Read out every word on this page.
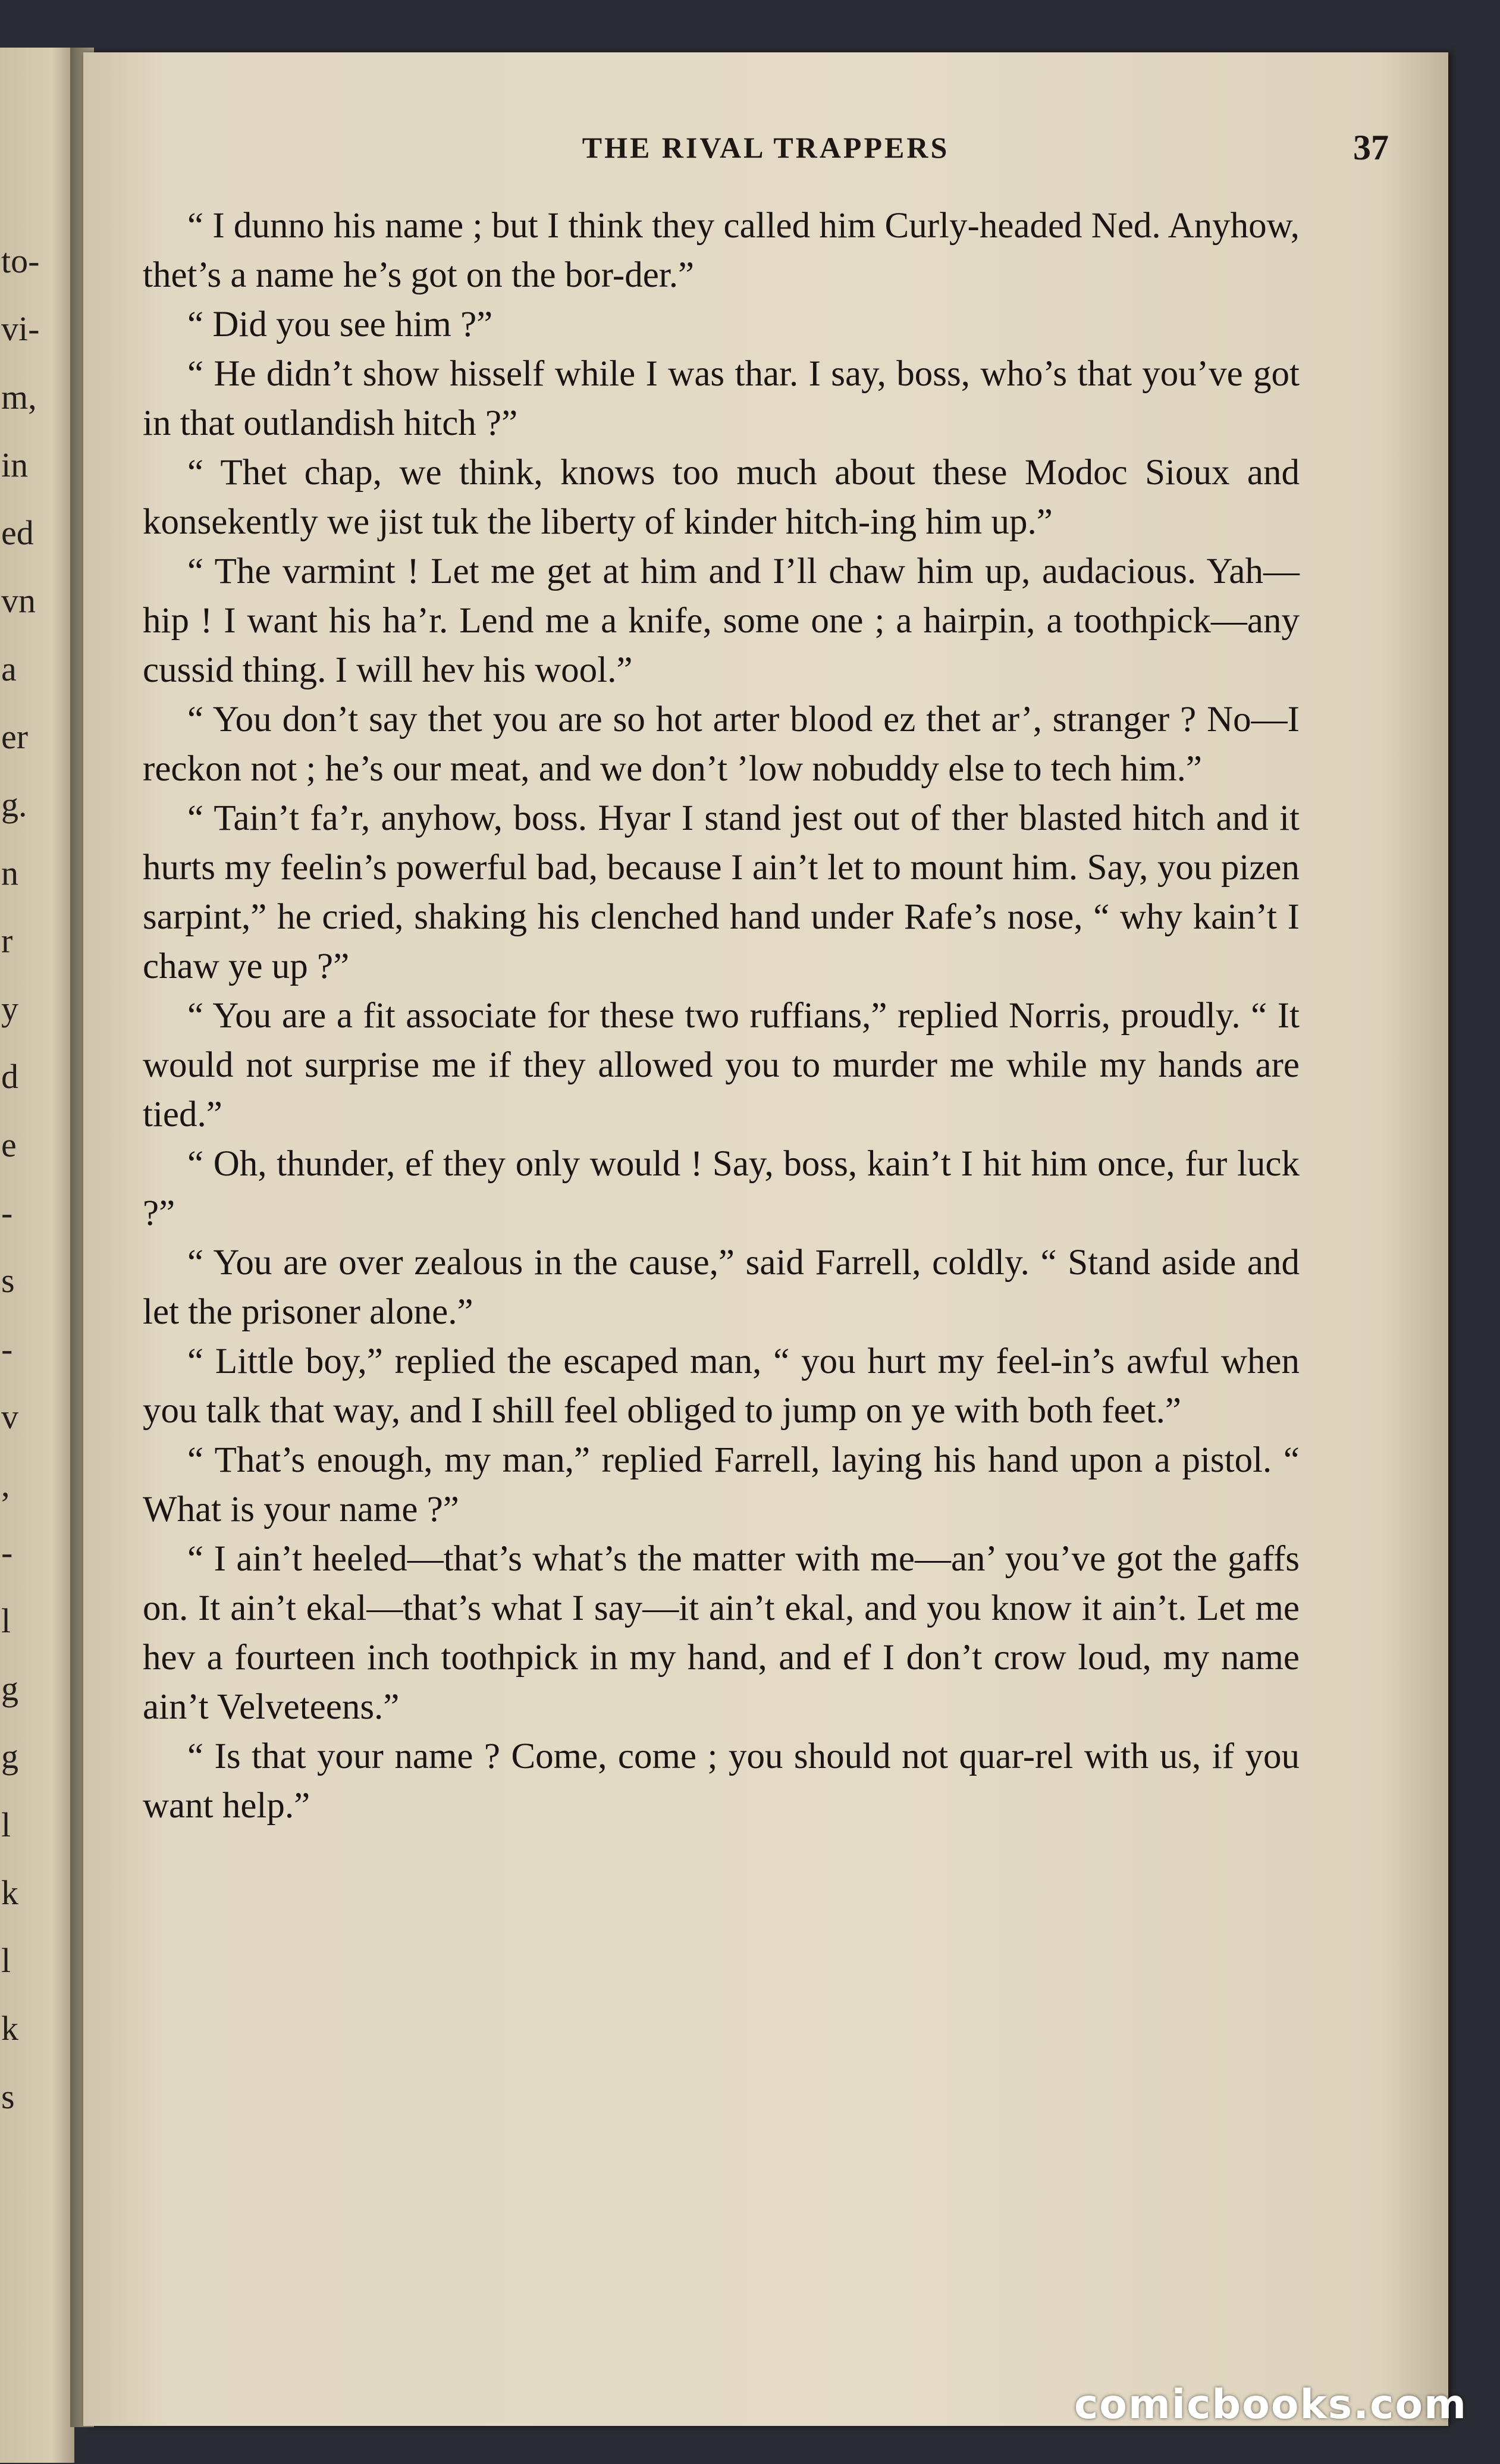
to-
vi-
m,
in
ed
vn
a
er
g.
n
r
y
d
e
-
s
-
v
,
-
l
g
g
l
k
l
k
s
THE RIVAL TRAPPERS	37

“ I dunno his name ; but I think they called him Curly-headed Ned. Anyhow, thet’s a name he’s got on the bor-der.”

“ Did you see him ?”

“ He didn’t show hisself while I was thar. I say, boss, who’s that you’ve got in that outlandish hitch ?”

“ Thet chap, we think, knows too much about these Modoc Sioux and konsekently we jist tuk the liberty of kinder hitch-ing him up.”

“ The varmint ! Let me get at him and I’ll chaw him up, audacious. Yah—hip ! I want his ha’r. Lend me a knife, some one ; a hairpin, a toothpick—any cussid thing. I will hev his wool.”

“ You don’t say thet you are so hot arter blood ez thet ar’, stranger ? No—I reckon not ; he’s our meat, and we don’t ’low nobuddy else to tech him.”

“ Tain’t fa’r, anyhow, boss. Hyar I stand jest out of ther blasted hitch and it hurts my feelin’s powerful bad, because I ain’t let to mount him. Say, you pizen sarpint,” he cried, shaking his clenched hand under Rafe’s nose, “ why kain’t I chaw ye up ?”

“ You are a fit associate for these two ruffians,” replied Norris, proudly. “ It would not surprise me if they allowed you to murder me while my hands are tied.”

“ Oh, thunder, ef they only would ! Say, boss, kain’t I hit him once, fur luck ?”

“ You are over zealous in the cause,” said Farrell, coldly. “ Stand aside and let the prisoner alone.”

“ Little boy,” replied the escaped man, “ you hurt my feel-in’s awful when you talk that way, and I shill feel obliged to jump on ye with both feet.”

“ That’s enough, my man,” replied Farrell, laying his hand upon a pistol. “ What is your name ?”

“ I ain’t heeled—that’s what’s the matter with me—an’ you’ve got the gaffs on. It ain’t ekal—that’s what I say—it ain’t ekal, and you know it ain’t. Let me hev a fourteen inch toothpick in my hand, and ef I don’t crow loud, my name ain’t Velveteens.”

“ Is that your name ? Come, come ; you should not quar-rel with us, if you want help.”

comicbooks.com
